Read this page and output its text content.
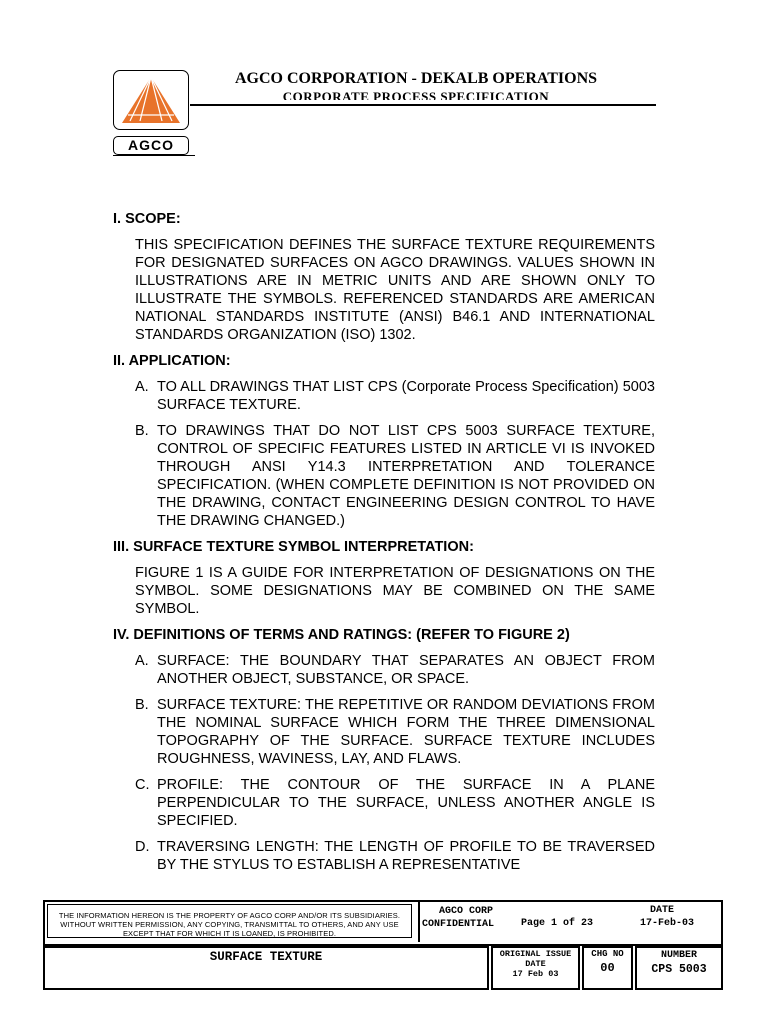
AGCO
AGCO CORPORATION - DEKALB OPERATIONS
CORPORATE PROCESS SPECIFICATION
I. SCOPE:
THIS SPECIFICATION DEFINES THE SURFACE TEXTURE REQUIREMENTS FOR DESIGNATED SURFACES ON AGCO DRAWINGS. VALUES SHOWN IN ILLUSTRATIONS ARE IN METRIC UNITS AND ARE SHOWN ONLY TO ILLUSTRATE THE SYMBOLS. REFERENCED STANDARDS ARE AMERICAN NATIONAL STANDARDS INSTITUTE (ANSI) B46.1 AND INTERNATIONAL STANDARDS ORGANIZATION (ISO) 1302.
II. APPLICATION:
A. TO ALL DRAWINGS THAT LIST CPS (Corporate Process Specification) 5003 SURFACE TEXTURE.
B. TO DRAWINGS THAT DO NOT LIST CPS 5003 SURFACE TEXTURE, CONTROL OF SPECIFIC FEATURES LISTED IN ARTICLE VI IS INVOKED THROUGH ANSI Y14.3 INTERPRETATION AND TOLERANCE SPECIFICATION. (WHEN COMPLETE DEFINITION IS NOT PROVIDED ON THE DRAWING, CONTACT ENGINEERING DESIGN CONTROL TO HAVE THE DRAWING CHANGED.)
III. SURFACE TEXTURE SYMBOL INTERPRETATION:
FIGURE 1 IS A GUIDE FOR INTERPRETATION OF DESIGNATIONS ON THE SYMBOL. SOME DESIGNATIONS MAY BE COMBINED ON THE SAME SYMBOL.
IV. DEFINITIONS OF TERMS AND RATINGS: (REFER TO FIGURE 2)
A. SURFACE: THE BOUNDARY THAT SEPARATES AN OBJECT FROM ANOTHER OBJECT, SUBSTANCE, OR SPACE.
B. SURFACE TEXTURE: THE REPETITIVE OR RANDOM DEVIATIONS FROM THE NOMINAL SURFACE WHICH FORM THE THREE DIMENSIONAL TOPOGRAPHY OF THE SURFACE. SURFACE TEXTURE INCLUDES ROUGHNESS, WAVINESS, LAY, AND FLAWS.
C. PROFILE: THE CONTOUR OF THE SURFACE IN A PLANE PERPENDICULAR TO THE SURFACE, UNLESS ANOTHER ANGLE IS SPECIFIED.
D. TRAVERSING LENGTH: THE LENGTH OF PROFILE TO BE TRAVERSED BY THE STYLUS TO ESTABLISH A REPRESENTATIVE
THE INFORMATION HEREON IS THE PROPERTY OF AGCO CORP AND/OR ITS SUBSIDIARIES. WITHOUT WRITTEN PERMISSION, ANY COPYING, TRANSMITTAL TO OTHERS, AND ANY USE EXCEPT THAT FOR WHICH IT IS LOANED, IS PROHIBITED.
AGCO CORP
CONFIDENTIAL	Page 1 of 23
DATE
17-Feb-03
SURFACE TEXTURE	ORIGINAL ISSUE
DATE
17 Feb 03
CHG NO
00
NUMBER
CPS 5003
